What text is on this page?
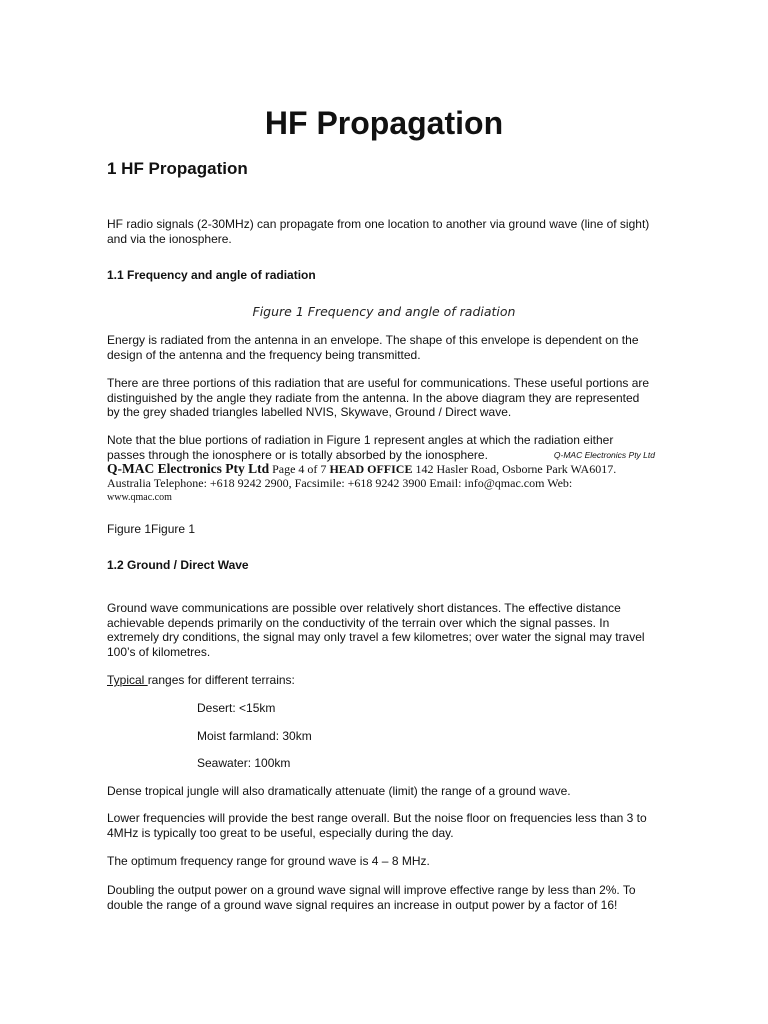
HF Propagation
1 HF Propagation
HF radio signals (2-30MHz) can propagate from one location to another via ground wave (line of sight) and via the ionosphere.
1.1 Frequency and angle of radiation
Figure 1 Frequency and angle of radiation
Energy is radiated from the antenna in an envelope. The shape of this envelope is dependent on the design of the antenna and the frequency being transmitted.
There are three portions of this radiation that are useful for communications. These useful portions are distinguished by the angle they radiate from the antenna. In the above diagram they are represented by the grey shaded triangles labelled NVIS, Skywave, Ground / Direct wave.
Note that the blue portions of radiation in Figure 1 represent angles at which the radiation either passes through the ionosphere or is totally absorbed by the ionosphere.	Q-MAC Electronics Pty Ltd
Q-MAC Electronics Pty Ltd Page 4 of 7 HEAD OFFICE 142 Hasler Road, Osborne Park WA6017. Australia Telephone: +618 9242 2900, Facsimile: +618 9242 3900 Email: info@qmac.com Web:
www.qmac.com
Figure 1Figure 1
1.2 Ground / Direct Wave
Ground wave communications are possible over relatively short distances. The effective distance achievable depends primarily on the conductivity of the terrain over which the signal passes. In extremely dry conditions, the signal may only travel a few kilometres; over water the signal may travel 100’s of kilometres.
Typical ranges for different terrains:
Desert: <15km
Moist farmland: 30km
Seawater: 100km
Dense tropical jungle will also dramatically attenuate (limit) the range of a ground wave.
Lower frequencies will provide the best range overall. But the noise floor on frequencies less than 3 to 4MHz is typically too great to be useful, especially during the day.
The optimum frequency range for ground wave is 4 – 8 MHz.
Doubling the output power on a ground wave signal will improve effective range by less than 2%. To double the range of a ground wave signal requires an increase in output power by a factor of 16!
